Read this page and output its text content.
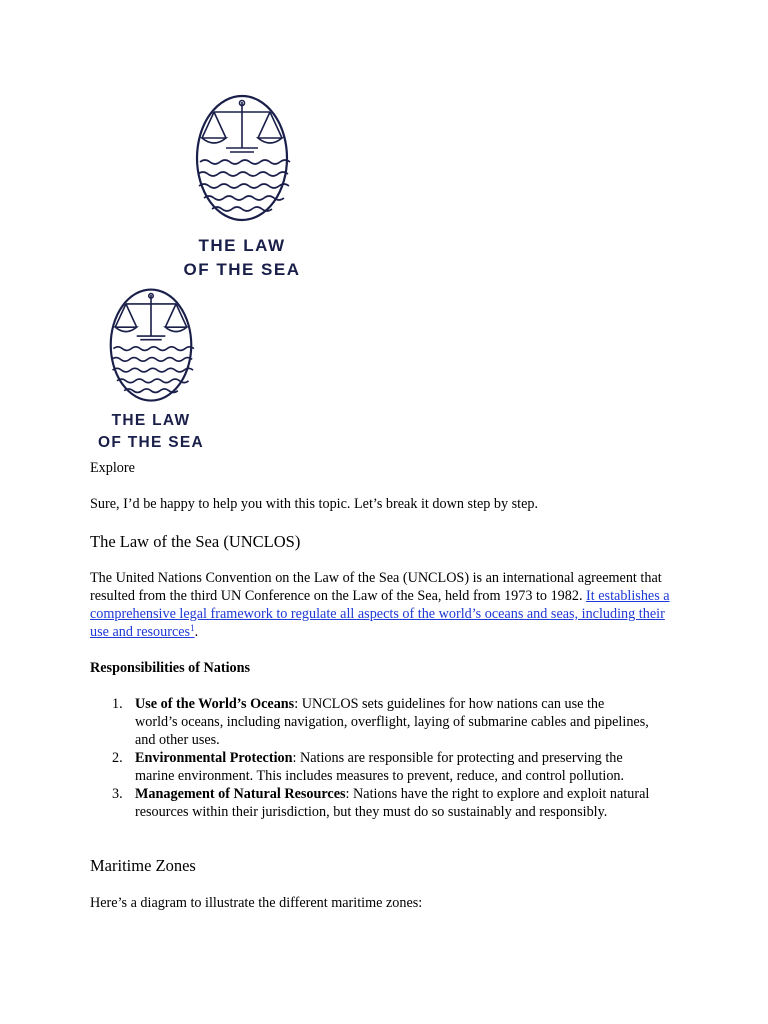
THE LAW
OF THE SEA
THE LAW
OF THE SEA
Explore
Sure, I’d be happy to help you with this topic. Let’s break it down step by step.
The Law of the Sea (UNCLOS)
The United Nations Convention on the Law of the Sea (UNCLOS) is an international agreement that resulted from the third UN Conference on the Law of the Sea, held from 1973 to 1982. It establishes a comprehensive legal framework to regulate all aspects of the world’s oceans and seas, including their use and resources$^1$.
Responsibilities of Nations
1. Use of the World’s Oceans: UNCLOS sets guidelines for how nations can use the world’s oceans, including navigation, overflight, laying of submarine cables and pipelines, and other uses.
2. Environmental Protection: Nations are responsible for protecting and preserving the marine environment. This includes measures to prevent, reduce, and control pollution.
3. Management of Natural Resources: Nations have the right to explore and exploit natural resources within their jurisdiction, but they must do so sustainably and responsibly.
Maritime Zones
Here’s a diagram to illustrate the different maritime zones:
